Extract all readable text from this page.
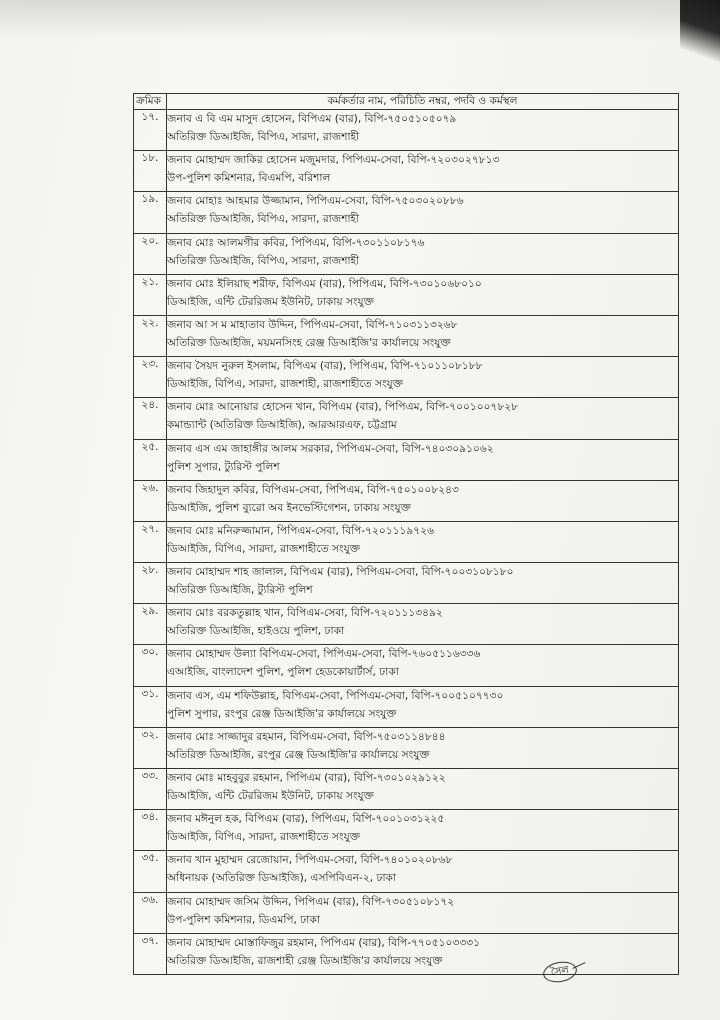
ক্রমিক	কর্মকর্তার নাম, পরিচিতি নম্বর, পদবি ও কর্মস্থল
১৭.	জনাব এ বি এম মাসুদ হোসেন, বিপিএম (বার), বিপি-৭৫০৫১০৫০৭৯
অতিরিক্ত ডিআইজি, বিপিএ, সারদা, রাজশাহী

১৮.	জনাব মোহাম্মদ জাকির হোসেন মজুমদার, পিপিএম-সেবা, বিপি-৭২০৩০২৭৮১৩
উপ-পুলিশ কমিশনার, বিএমপি, বরিশাল

১৯.	জনাব মোহাঃ আহমার উজ্জামান, পিপিএম-সেবা, বিপি-৭৫০৩০২০৮৮৬
অতিরিক্ত ডিআইজি, বিপিএ, সারদা, রাজশাহী

২০.	জনাব মোঃ আলমগীর কবির, পিপিএম, বিপি-৭৩০১১০৮১৭৬
অতিরিক্ত ডিআইজি, বিপিএ, সারদা, রাজশাহী

২১.	জনাব মোঃ ইলিয়াছ শরীফ, বিপিএম (বার), পিপিএম, বিপি-৭৩০১০৬৮০১০
ডিআইজি, এন্টি টেররিজম ইউনিট, ঢাকায় সংযুক্ত

২২.	জনাব আ স ম মাহাতাব উদ্দিন, পিপিএম-সেবা, বিপি-৭১০৩১১৩২৬৮
অতিরিক্ত ডিআইজি, ময়মনসিংহ রেঞ্জ ডিআইজি'র কার্যালয়ে সংযুক্ত

২৩.	জনাব সৈয়দ নুরুল ইসলাম, বিপিএম (বার), পিপিএম, বিপি-৭১০১১০৮১৮৮
ডিআইজি, বিপিএ, সারদা, রাজশাহী, রাজশাহীতে সংযুক্ত

২৪.	জনাব মোঃ আনোয়ার হোসেন খান, বিপিএম (বার), পিপিএম, বিপি-৭০০১০০৭৮২৮
কমান্ড্যান্ট (অতিরিক্ত ডিআইজি), আরআরএফ, চট্টগ্রাম

২৫.	জনাব এস এম জাহাঙ্গীর আলম সরকার, পিপিএম-সেবা, বিপি-৭৪০৩০৯১০৬২
পুলিশ সুপার, ট্যুরিস্ট পুলিশ

২৬.	জনাব জিহাদুল কবির, বিপিএম-সেবা, পিপিএম, বিপি-৭৫০১০০৮২৪৩
ডিআইজি, পুলিশ ব্যুরো অব ইনভেস্টিগেশন, ঢাকায় সংযুক্ত

২৭.	জনাব মোঃ মনিরুজ্জামান, পিপিএম-সেবা, বিপি-৭২০১১১৯৭২৬
ডিআইজি, বিপিএ, সারদা, রাজশাহীতে সংযুক্ত

২৮.	জনাব মোহাম্মদ শাহ জালাল, বিপিএম (বার), পিপিএম-সেবা, বিপি-৭০০৩১০৮১৮০
অতিরিক্ত ডিআইজি, ট্যুরিস্ট পুলিশ

২৯.	জনাব মোঃ বরকতুল্লাহ খান, বিপিএম-সেবা, বিপি-৭২০১১১৩৪৯২
অতিরিক্ত ডিআইজি, হাইওয়ে পুলিশ, ঢাকা

৩০.	জনাব মোহাম্মদ উল্যা বিপিএম-সেবা, পিপিএম-সেবা, বিপি-৭৬০৫১১৬৩৩৬
এআইজি, বাংলাদেশ পুলিশ, পুলিশ হেডকোয়ার্টার্স, ঢাকা

৩১.	জনাব এস, এম শফিউল্লাহ, বিপিএম-সেবা, পিপিএম-সেবা, বিপি-৭০০৫১০৭৭৩০
পুলিশ সুপার, রংপুর রেঞ্জ ডিআইজি'র কার্যালয়ে সংযুক্ত

৩২.	জনাব মোঃ সাজ্জাদুর রহমান, বিপিএম-সেবা, বিপি-৭৫০৩১১৪৮৪৪
অতিরিক্ত ডিআইজি, রংপুর রেঞ্জ ডিআইজি'র কার্যালয়ে সংযুক্ত

৩৩.	জনাব মোঃ মাহবুবুর রহমান, পিপিএম (বার), বিপি-৭৩০১০২৯১২২
ডিআইজি, এন্টি টেররিজম ইউনিট, ঢাকায় সংযুক্ত

৩৪.	জনাব মঈনুল হক, বিপিএম (বার), পিপিএম, বিপি-৭০০১০৩১২২৫
ডিআইজি, বিপিএ, সারদা, রাজশাহীতে সংযুক্ত

৩৫.	জনাব খান মুহাম্মদ রেজোয়ান, পিপিএম-সেবা, বিপি-৭৪০১০২০৮৬৮
অধিনায়ক (অতিরিক্ত ডিআইজি), এসপিবিএন-২, ঢাকা

৩৬.	জনাব মোহাম্মদ জসিম উদ্দিন, পিপিএম (বার), বিপি-৭৩০৫১০৮১৭২
উপ-পুলিশ কমিশনার, ডিএমপি, ঢাকা

৩৭.	জনাব মোহাম্মদ মোস্তাফিজুর রহমান, পিপিএম (বার), বিপি-৭৭০৫১০৩৩৩১
অতিরিক্ত ডিআইজি, রাজশাহী রেঞ্জ ডিআইজি'র কার্যালয়ে সংযুক্ত
সৈল
